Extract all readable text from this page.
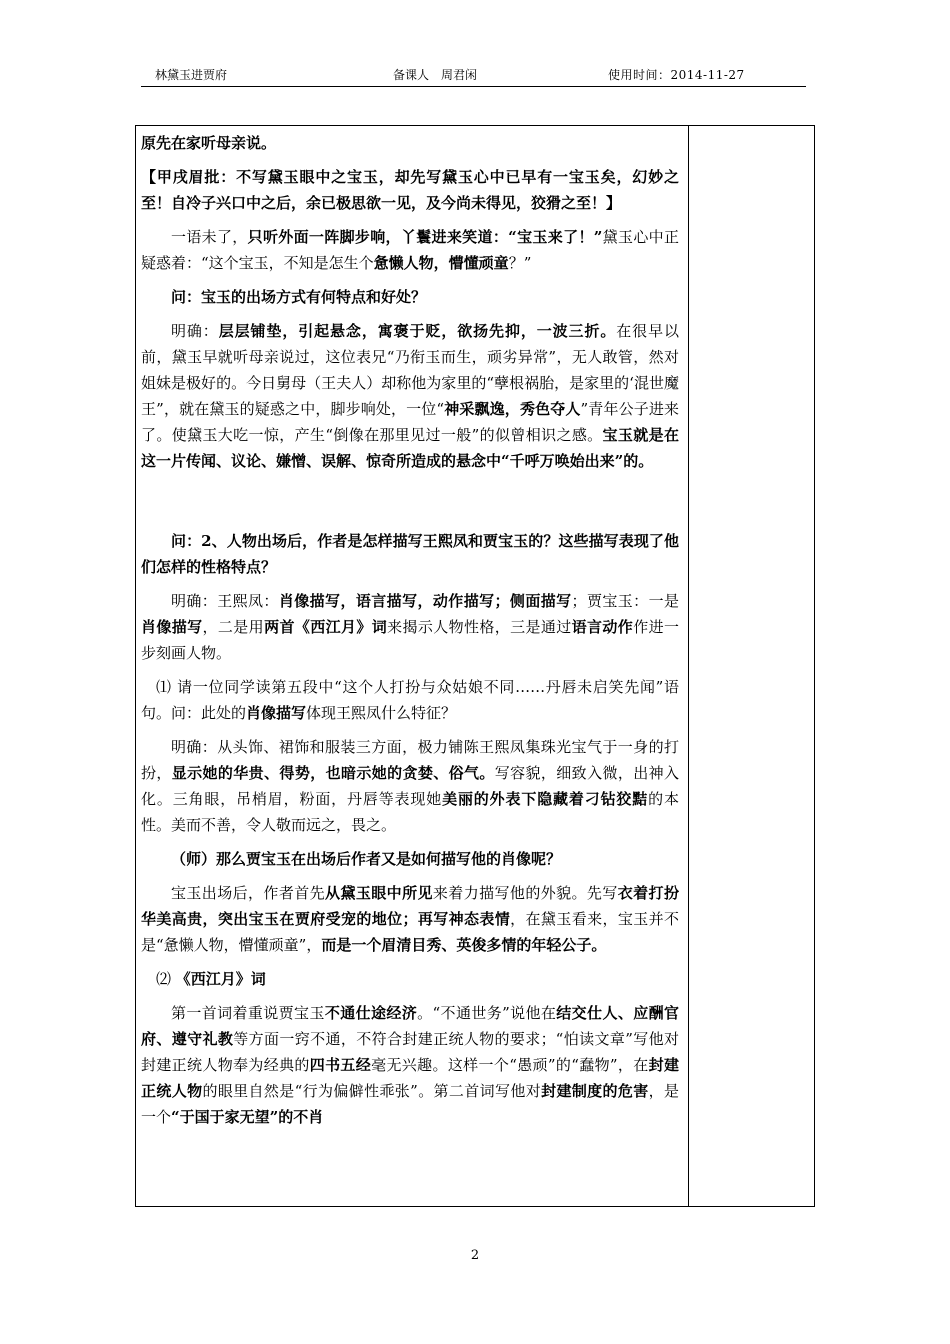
林黛玉进贾府	备课人　周君闲	使用时间：2014-11-27

原先在家听母亲说。

【甲戌眉批：不写黛玉眼中之宝玉，却先写黛玉心中已早有一宝玉矣，幻妙之至！自冷子兴口中之后，余已极思欲一见，及今尚未得见，狡猾之至！】

一语未了，只听外面一阵脚步响，丫鬟进来笑道：“宝玉来了！”黛玉心中正疑惑着：“这个宝玉，不知是怎生个惫懒人物，懵懂顽童？”

问：宝玉的出场方式有何特点和好处？

明确：层层铺垫，引起悬念，寓褒于贬，欲扬先抑，一波三折。在很早以前，黛玉早就听母亲说过，这位表兄“乃衔玉而生，顽劣异常”，无人敢管，然对姐妹是极好的。今日舅母（王夫人）却称他为家里的“孽根祸胎，是家里的‘混世魔王”，就在黛玉的疑惑之中，脚步响处，一位“神采飘逸，秀色夺人”青年公子进来了。使黛玉大吃一惊，产生“倒像在那里见过一般”的似曾相识之感。宝玉就是在这一片传闻、议论、嫌憎、误解、惊奇所造成的悬念中“千呼万唤始出来”的。

问：2、人物出场后，作者是怎样描写王熙凤和贾宝玉的？这些描写表现了他们怎样的性格特点？

明确：王熙凤：肖像描写，语言描写，动作描写；侧面描写；贾宝玉：一是肖像描写，二是用两首《西江月》词来揭示人物性格，三是通过语言动作作进一步刻画人物。

⑴ 请一位同学读第五段中“这个人打扮与众姑娘不同……丹唇未启笑先闻”语句。问：此处的肖像描写体现王熙凤什么特征？

明确：从头饰、裙饰和服装三方面，极力铺陈王熙凤集珠光宝气于一身的打扮，显示她的华贵、得势，也暗示她的贪婪、俗气。写容貌，细致入微，出神入化。三角眼，吊梢眉，粉面，丹唇等表现她美丽的外表下隐藏着刁钻狡黠的本性。美而不善，令人敬而远之，畏之。

（师）那么贾宝玉在出场后作者又是如何描写他的肖像呢？

宝玉出场后，作者首先从黛玉眼中所见来着力描写他的外貌。先写衣着打扮华美高贵，突出宝玉在贾府受宠的地位；再写神态表情，在黛玉看来，宝玉并不是“惫懒人物，懵懂顽童”，而是一个眉清目秀、英俊多情的年轻公子。

⑵ 《西江月》词

第一首词着重说贾宝玉不通仕途经济。“不通世务”说他在结交仕人、应酬官府、遵守礼教等方面一窍不通，不符合封建正统人物的要求；“怕读文章”写他对封建正统人物奉为经典的四书五经毫无兴趣。这样一个“愚顽”的“蠢物”，在封建正统人物的眼里自然是“行为偏僻性乖张”。第二首词写他对封建制度的危害，是一个“于国于家无望”的不肖

2
